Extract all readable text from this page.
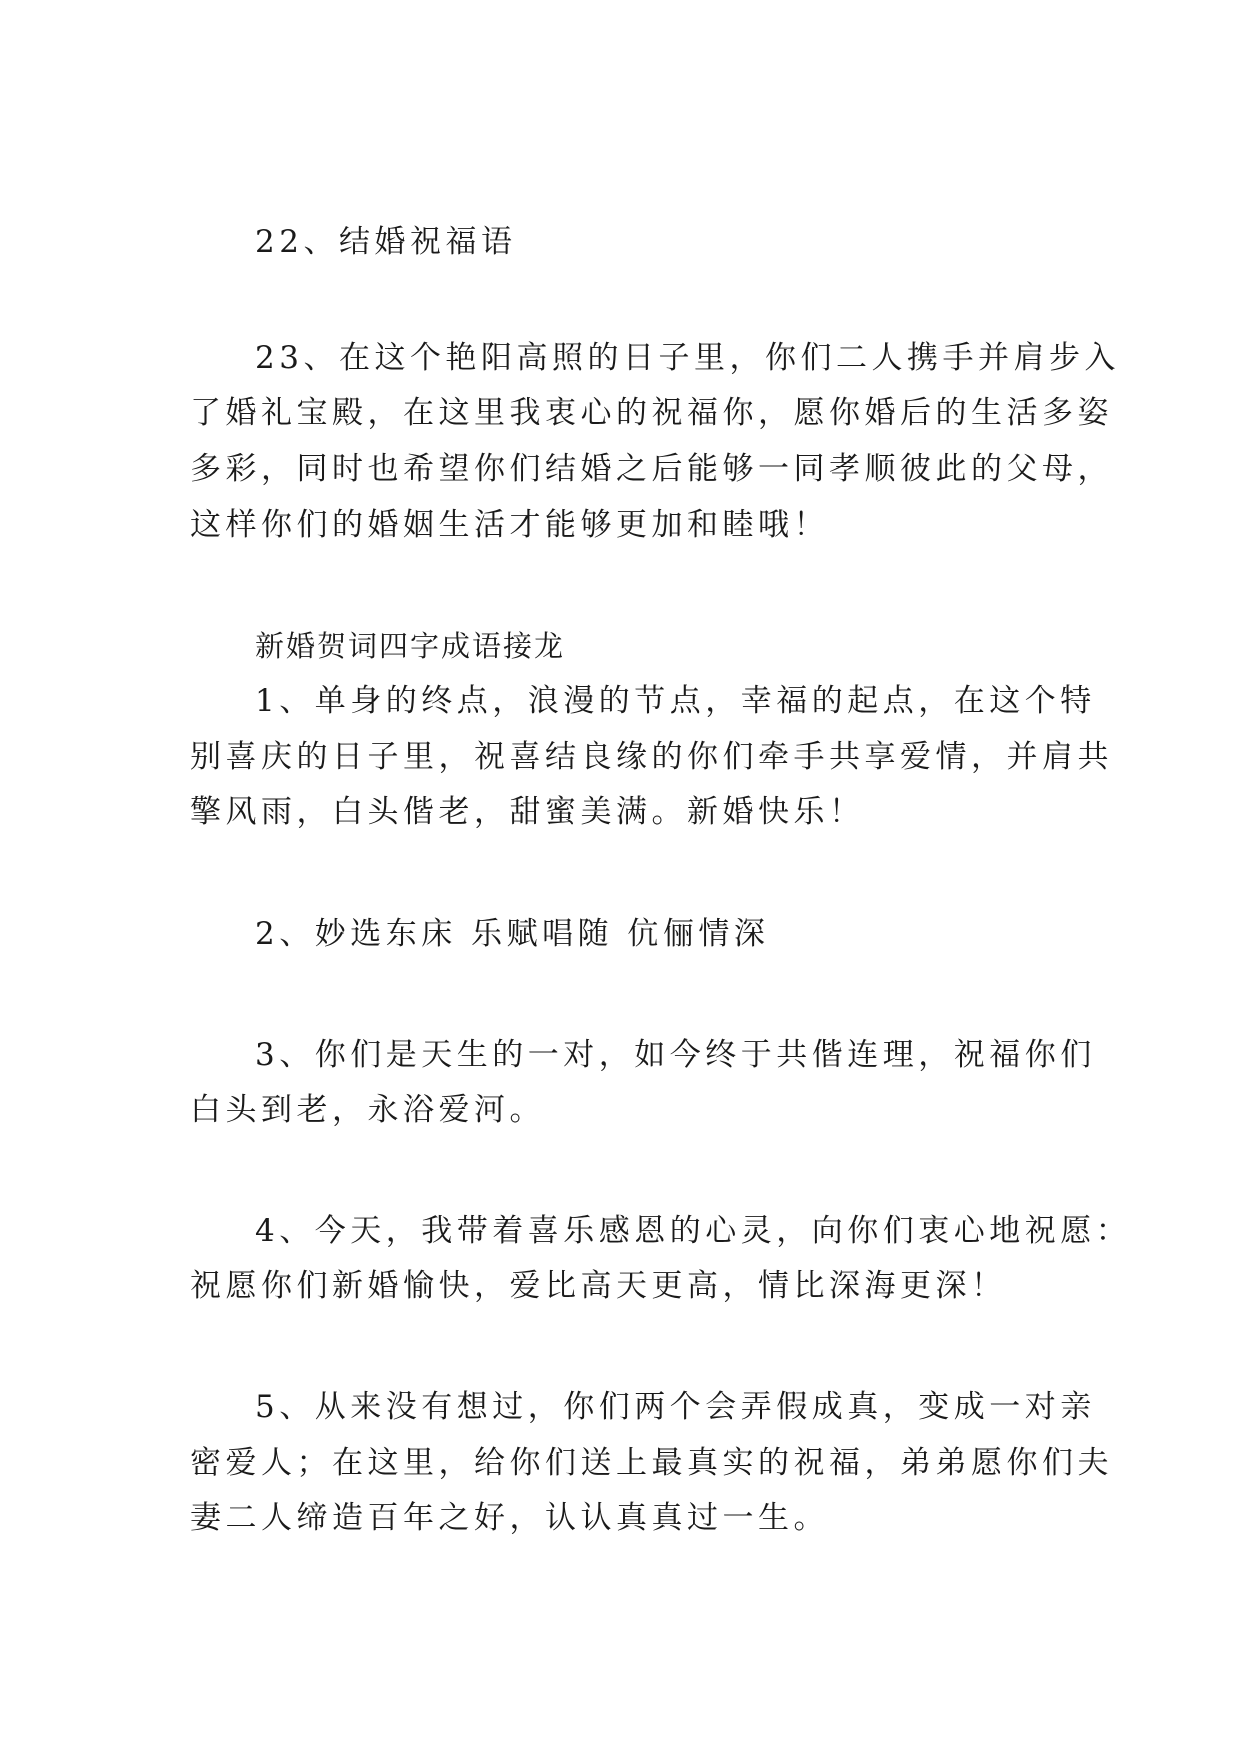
22、结婚祝福语
23、在这个艳阳高照的日子里，你们二人携手并肩步入
了婚礼宝殿，在这里我衷心的祝福你，愿你婚后的生活多姿
多彩，同时也希望你们结婚之后能够一同孝顺彼此的父母，
这样你们的婚姻生活才能够更加和睦哦！
新婚贺词四字成语接龙
1、单身的终点，浪漫的节点，幸福的起点，在这个特
别喜庆的日子里，祝喜结良缘的你们牵手共享爱情，并肩共
擎风雨，白头偕老，甜蜜美满。新婚快乐！
2、妙选东床 乐赋唱随 伉俪情深
3、你们是天生的一对，如今终于共偕连理，祝福你们
白头到老，永浴爱河。
4、今天，我带着喜乐感恩的心灵，向你们衷心地祝愿：
祝愿你们新婚愉快，爱比高天更高，情比深海更深！
5、从来没有想过，你们两个会弄假成真，变成一对亲
密爱人；在这里，给你们送上最真实的祝福，弟弟愿你们夫
妻二人缔造百年之好，认认真真过一生。
